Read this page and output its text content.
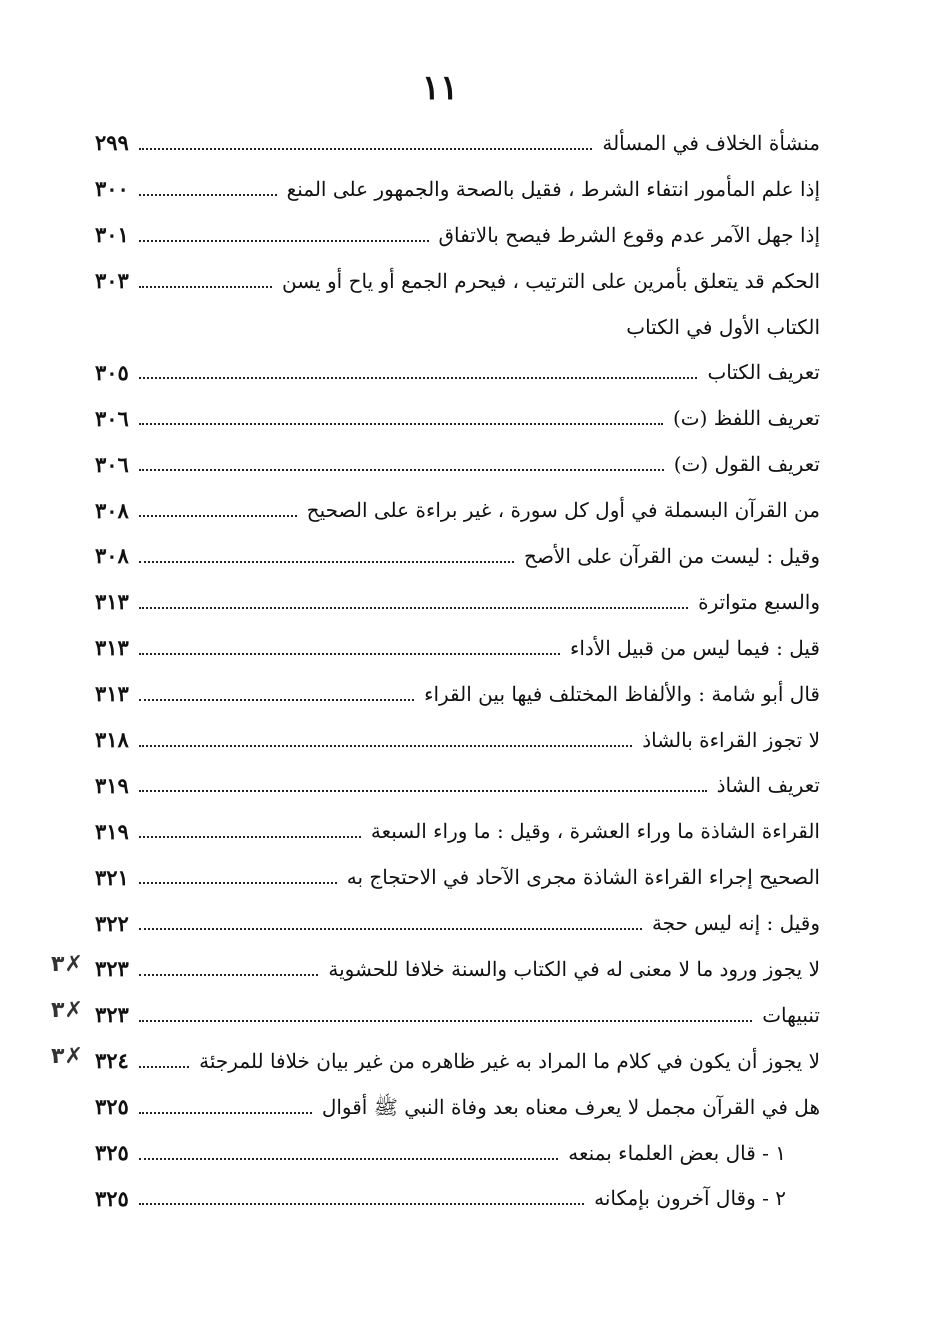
١١
منشأة الخلاف في المسألة
٢٩٩
إذا علم المأمور انتفاء الشرط ، فقيل بالصحة والجمهور على المنع
٣٠٠
إذا جهل الآمر عدم وقوع الشرط فيصح بالاتفاق
٣٠١
الحكم قد يتعلق بأمرين على الترتيب ، فيحرم الجمع أو ياح أو يسن
٣٠٣
الكتاب الأول في الكتاب
تعريف الكتاب
٣٠٥
تعريف اللفظ (ت)
٣٠٦
تعريف القول (ت)
٣٠٦
من القرآن البسملة في أول كل سورة ، غير براءة على الصحيح
٣٠٨
وقيل : ليست من القرآن على الأصح
٣٠٨
والسبع متواترة
٣١٣
قيل : فيما ليس من قبيل الأداء
٣١٣
قال أبو شامة : والألفاظ المختلف فيها بين القراء
٣١٣
لا تجوز القراءة بالشاذ
٣١٨
تعريف الشاذ
٣١٩
القراءة الشاذة ما وراء العشرة ، وقيل : ما وراء السبعة
٣١٩
الصحيح إجراء القراءة الشاذة مجرى الآحاد في الاحتجاج به
٣٢١
وقيل : إنه ليس حجة
٣٢٢
لا يجوز ورود ما لا معنى له في الكتاب والسنة خلافا للحشوية
٣٢٣
✗٣
تنبيهات
٣٢٣
✗٣
لا يجوز أن يكون في كلام ما المراد به غير ظاهره من غير بيان خلافا للمرجئة
٣٢٤
✗٣
هل في القرآن مجمل لا يعرف معناه بعد وفاة النبي ﷺ أقوال
٣٢٥
١ - قال بعض العلماء بمنعه
٣٢٥
٢ - وقال آخرون بإمكانه
٣٢٥
